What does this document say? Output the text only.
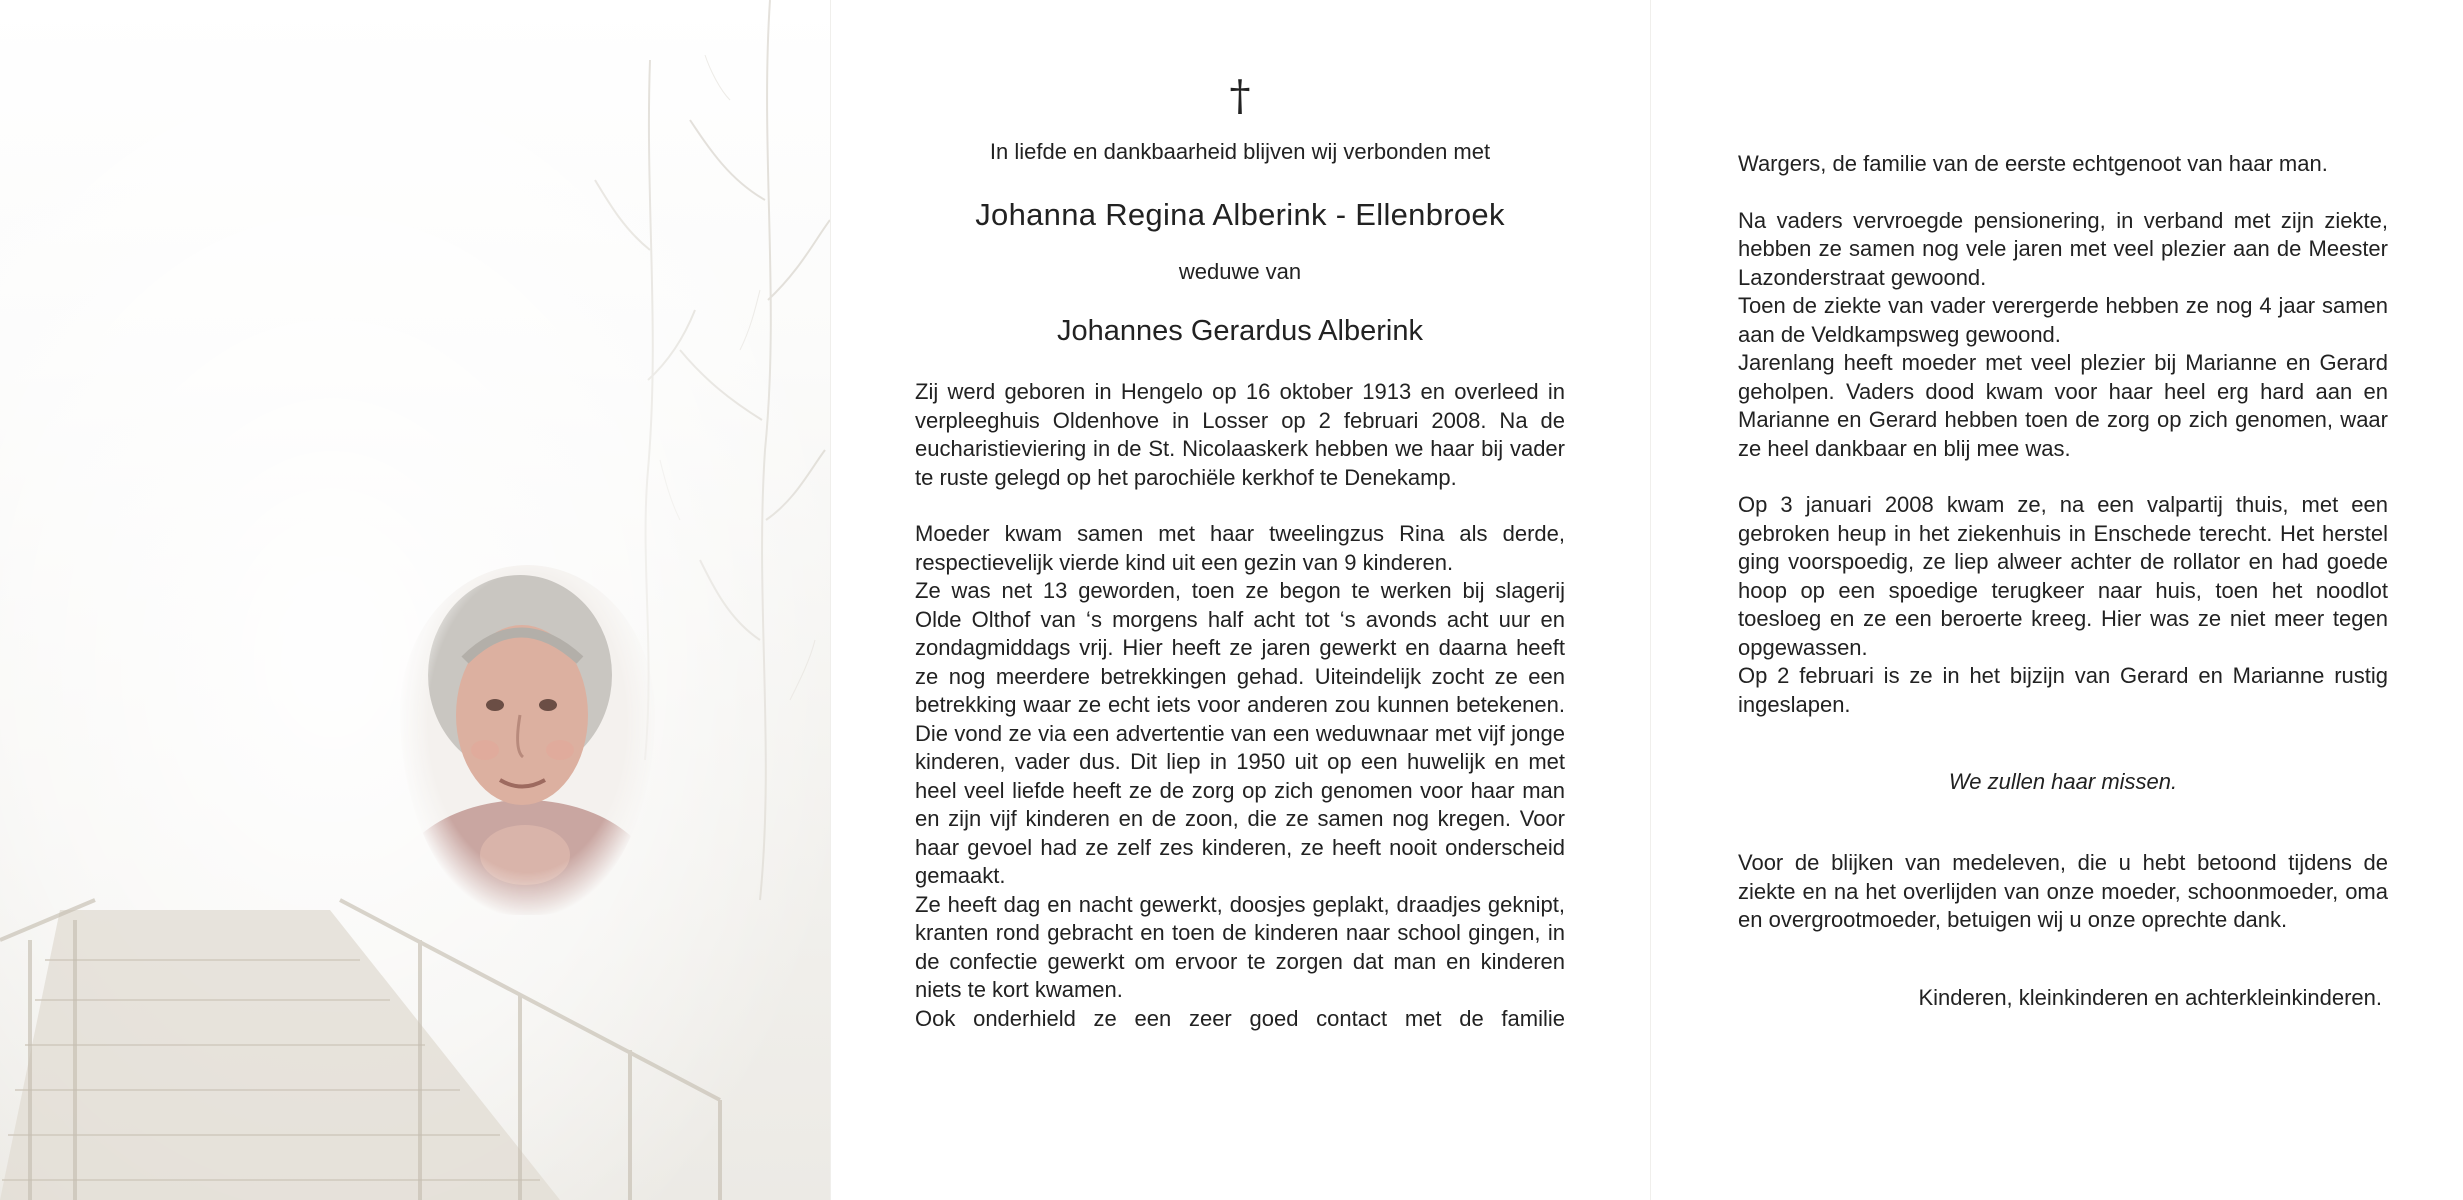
†

In liefde en dankbaarheid blijven wij verbonden met

Johanna Regina Alberink - Ellenbroek

weduwe van

Johannes Gerardus Alberink

Zij werd geboren in Hengelo op 16 oktober 1913 en overleed in verpleeghuis Oldenhove in Losser op 2 februari 2008. Na de eucharistieviering in de St. Nicolaaskerk hebben we haar bij vader te ruste gelegd op het parochiële kerkhof te Denekamp.

Moeder kwam samen met haar tweelingzus Rina als derde, respectievelijk vierde kind uit een gezin van 9 kinderen.

Ze was net 13 geworden, toen ze begon te werken bij slagerij Olde Olthof van ‘s morgens half acht tot ‘s avonds acht uur en zondagmiddags vrij. Hier heeft ze jaren gewerkt en daarna heeft ze nog meerdere betrekkingen gehad. Uiteindelijk zocht ze een betrekking waar ze echt iets voor anderen zou kunnen betekenen. Die vond ze via een advertentie van een weduwnaar met vijf jonge kinderen, vader dus. Dit liep in 1950 uit op een huwelijk en met heel veel liefde heeft ze de zorg op zich genomen voor haar man en zijn vijf kinderen en de zoon, die ze samen nog kregen. Voor haar gevoel had ze zelf zes kinderen, ze heeft nooit onderscheid gemaakt.

Ze heeft dag en nacht gewerkt, doosjes geplakt, draadjes geknipt, kranten rond gebracht en toen de kinderen naar school gingen, in de confectie gewerkt om ervoor te zorgen dat man en kinderen niets te kort kwamen.

Ook onderhield ze een zeer goed contact met de familie

Wargers, de familie van de eerste echtgenoot van haar man.

Na vaders vervroegde pensionering, in verband met zijn ziekte, hebben ze samen nog vele jaren met veel plezier aan de Meester Lazonderstraat gewoond.

Toen de ziekte van vader verergerde hebben ze nog 4 jaar samen aan de Veldkampsweg gewoond.

Jarenlang heeft moeder met veel plezier bij Marianne en Gerard geholpen. Vaders dood kwam voor haar heel erg hard aan en Marianne en Gerard hebben toen de zorg op zich genomen, waar ze heel dankbaar en blij mee was.

Op 3 januari 2008 kwam ze, na een valpartij thuis, met een gebroken heup in het ziekenhuis in Enschede terecht. Het herstel ging voorspoedig, ze liep alweer achter de rollator en had goede hoop op een spoedige terugkeer naar huis, toen het noodlot toesloeg en ze een beroerte kreeg. Hier was ze niet meer tegen opgewassen.

Op 2 februari is ze in het bijzijn van Gerard en Marianne rustig ingeslapen.

We zullen haar missen.

Voor de blijken van medeleven, die u hebt betoond tijdens de ziekte en na het overlijden van onze moeder, schoonmoeder, oma en overgrootmoeder, betuigen wij u onze oprechte dank.

Kinderen, kleinkinderen en achterkleinkinderen.
